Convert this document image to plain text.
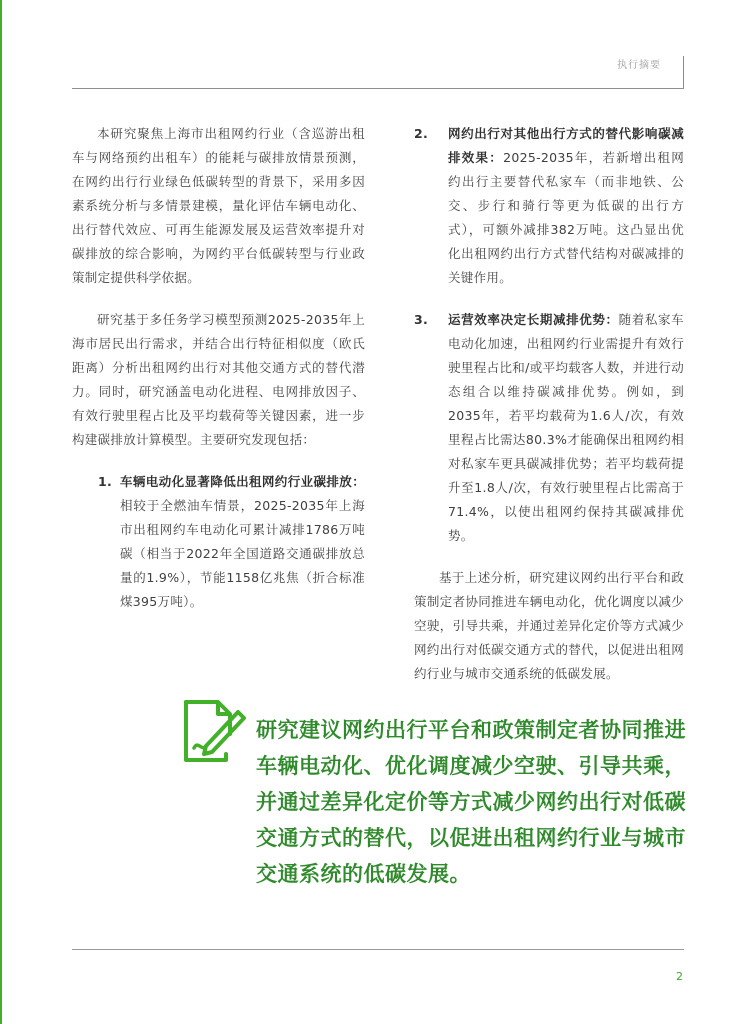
执行摘要

本研究聚焦上海市出租网约行业（含巡游出租车与网络预约出租车）的能耗与碳排放情景预测，在网约出行行业绿色低碳转型的背景下，采用多因素系统分析与多情景建模，量化评估车辆电动化、出行替代效应、可再生能源发展及运营效率提升对碳排放的综合影响，为网约平台低碳转型与行业政策制定提供科学依据。

研究基于多任务学习模型预测2025-2035年上海市居民出行需求，并结合出行特征相似度（欧氏距离）分析出租网约出行对其他交通方式的替代潜力。同时，研究涵盖电动化进程、电网排放因子、有效行驶里程占比及平均载荷等关键因素，进一步构建碳排放计算模型。主要研究发现包括：

1. 车辆电动化显著降低出租网约行业碳排放：相较于全燃油车情景，2025-2035年上海市出租网约车电动化可累计减排1786万吨碳（相当于2022年全国道路交通碳排放总量的1.9%），节能1158亿兆焦（折合标准煤395万吨）。
2.	网约出行对其他出行方式的替代影响碳减排效果：2025-2035年，若新增出租网约出行主要替代私家车（而非地铁、公交、步行和骑行等更为低碳的出行方式），可额外减排382万吨。这凸显出优化出租网约出行方式替代结构对碳减排的关键作用。
3.	运营效率决定长期减排优势：随着私家车电动化加速，出租网约行业需提升有效行驶里程占比和/或平均载客人数，并进行动态组合以维持碳减排优势。例如，到2035年，若平均载荷为1.6人/次，有效里程占比需达80.3%才能确保出租网约相对私家车更具碳减排优势；若平均载荷提升至1.8人/次，有效行驶里程占比需高于71.4%，以使出租网约保持其碳减排优势。

基于上述分析，研究建议网约出行平台和政策制定者协同推进车辆电动化，优化调度以减少空驶，引导共乘，并通过差异化定价等方式减少网约出行对低碳交通方式的替代，以促进出租网约行业与城市交通系统的低碳发展。

研究建议网约出行平台和政策制定者协同推进车辆电动化、优化调度减少空驶、引导共乘，并通过差异化定价等方式减少网约出行对低碳交通方式的替代，以促进出租网约行业与城市交通系统的低碳发展。
2
